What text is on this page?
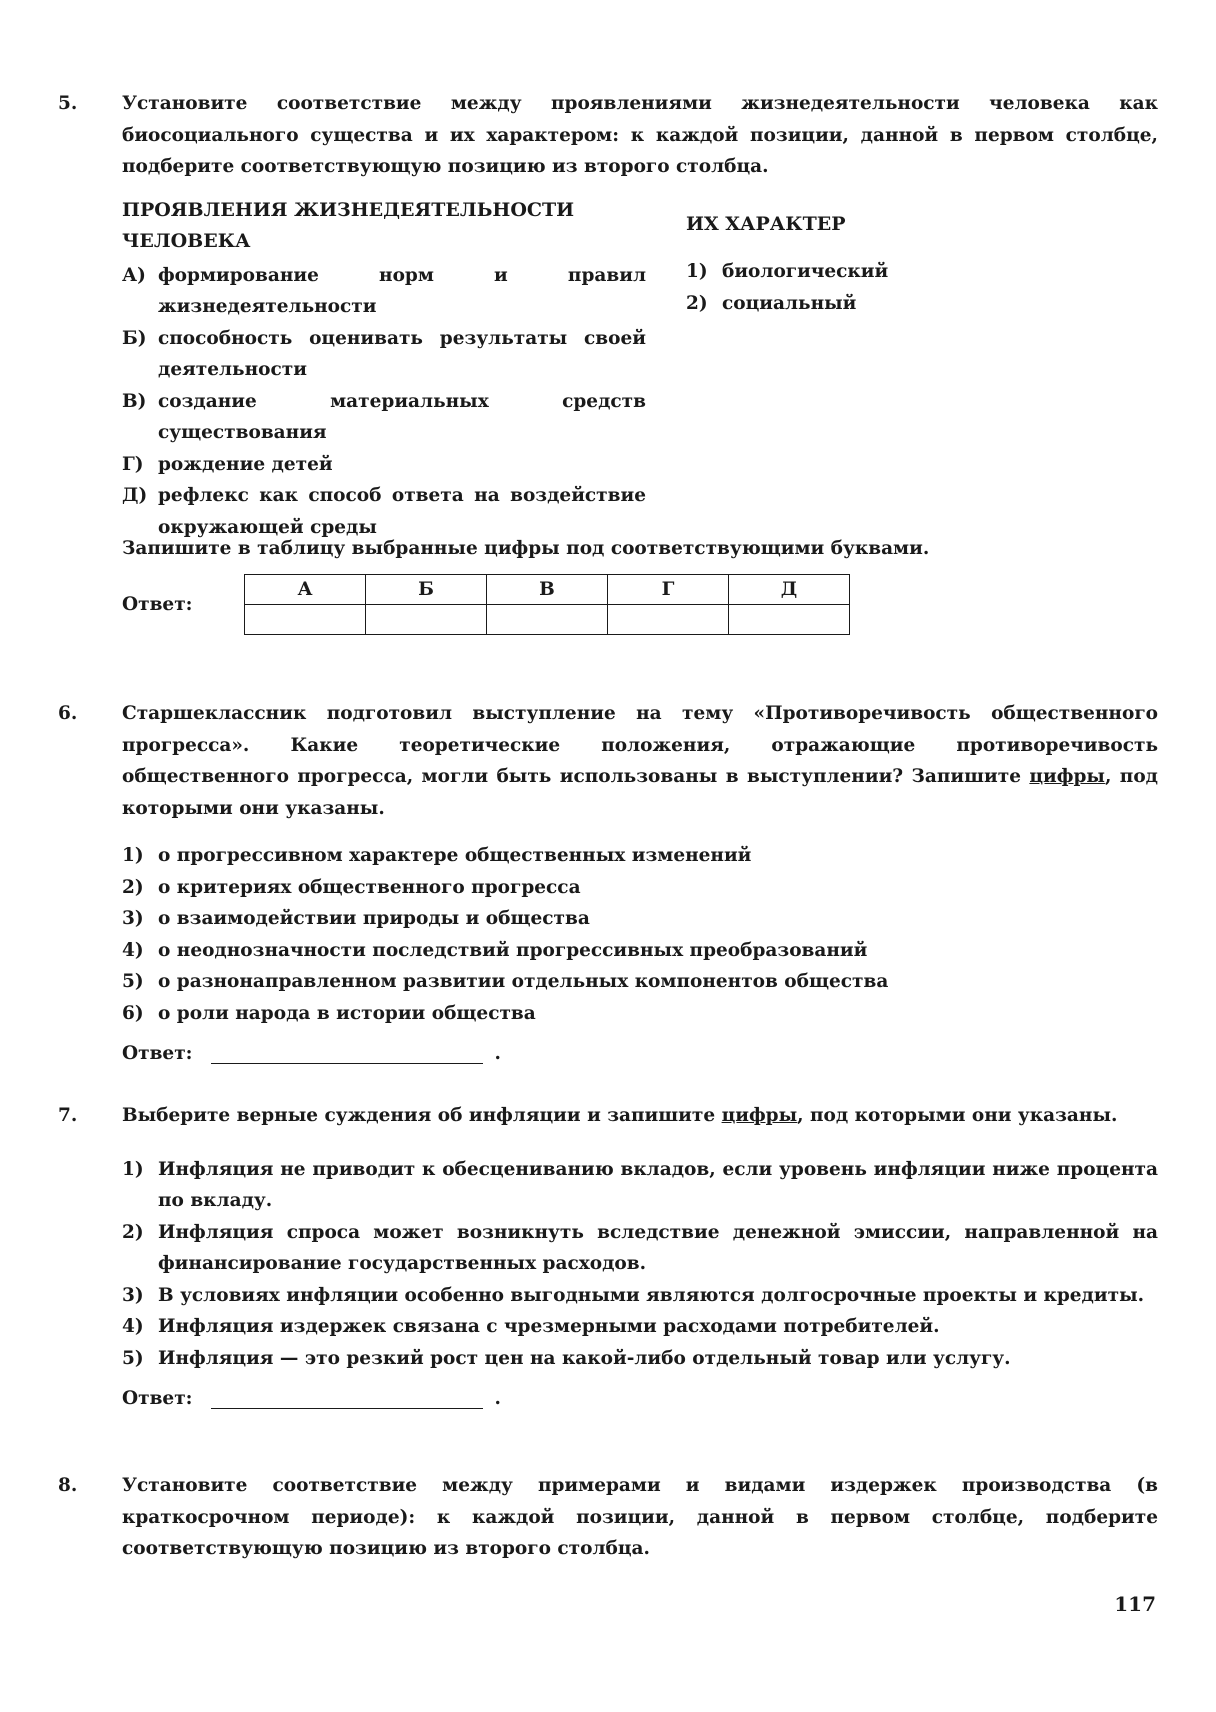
5. Установите соответствие между проявлениями жизнедеятельности человека как биосоциального существа и их характером: к каждой позиции, данной в первом столбце, подберите соответствующую позицию из второго столбца.

ПРОЯВЛЕНИЯ ЖИЗНЕДЕЯТЕЛЬНОСТИ ЧЕЛОВЕКА
А) формирование норм и правил жизнедеятельности
Б) способность оценивать результаты своей деятельности
В) создание материальных средств существования
Г) рождение детей
Д) рефлекс как способ ответа на воздействие окружающей среды
ИХ ХАРАКТЕР
1) биологический
2) социальный
Запишите в таблицу выбранные цифры под соответствующими буквами.
Ответ:
А	Б	В	Г	Д

6. Старшеклассник подготовил выступление на тему «Противоречивость общественного прогресса». Какие теоретические положения, отражающие противоречивость общественного прогресса, могли быть использованы в выступлении? Запишите цифры, под которыми они указаны.

1) о прогрессивном характере общественных изменений
2) о критериях общественного прогресса
3) о взаимодействии природы и общества
4) о неоднозначности последствий прогрессивных преобразований
5) о разнонаправленном развитии отдельных компонентов общества
6) о роли народа в истории общества
Ответ:	.
7. Выберите верные суждения об инфляции и запишите цифры, под которыми они указаны.

1) Инфляция не приводит к обесцениванию вкладов, если уровень инфляции ниже процента по вкладу.
2) Инфляция спроса может возникнуть вследствие денежной эмиссии, направленной на финансирование государственных расходов.
3) В условиях инфляции особенно выгодными являются долгосрочные проекты и кредиты.
4) Инфляция издержек связана с чрезмерными расходами потребителей.
5) Инфляция — это резкий рост цен на какой-либо отдельный товар или услугу.
Ответ:	.
8. Установите соответствие между примерами и видами издержек производства (в краткосрочном периоде): к каждой позиции, данной в первом столбце, подберите соответствующую позицию из второго столбца.

117
